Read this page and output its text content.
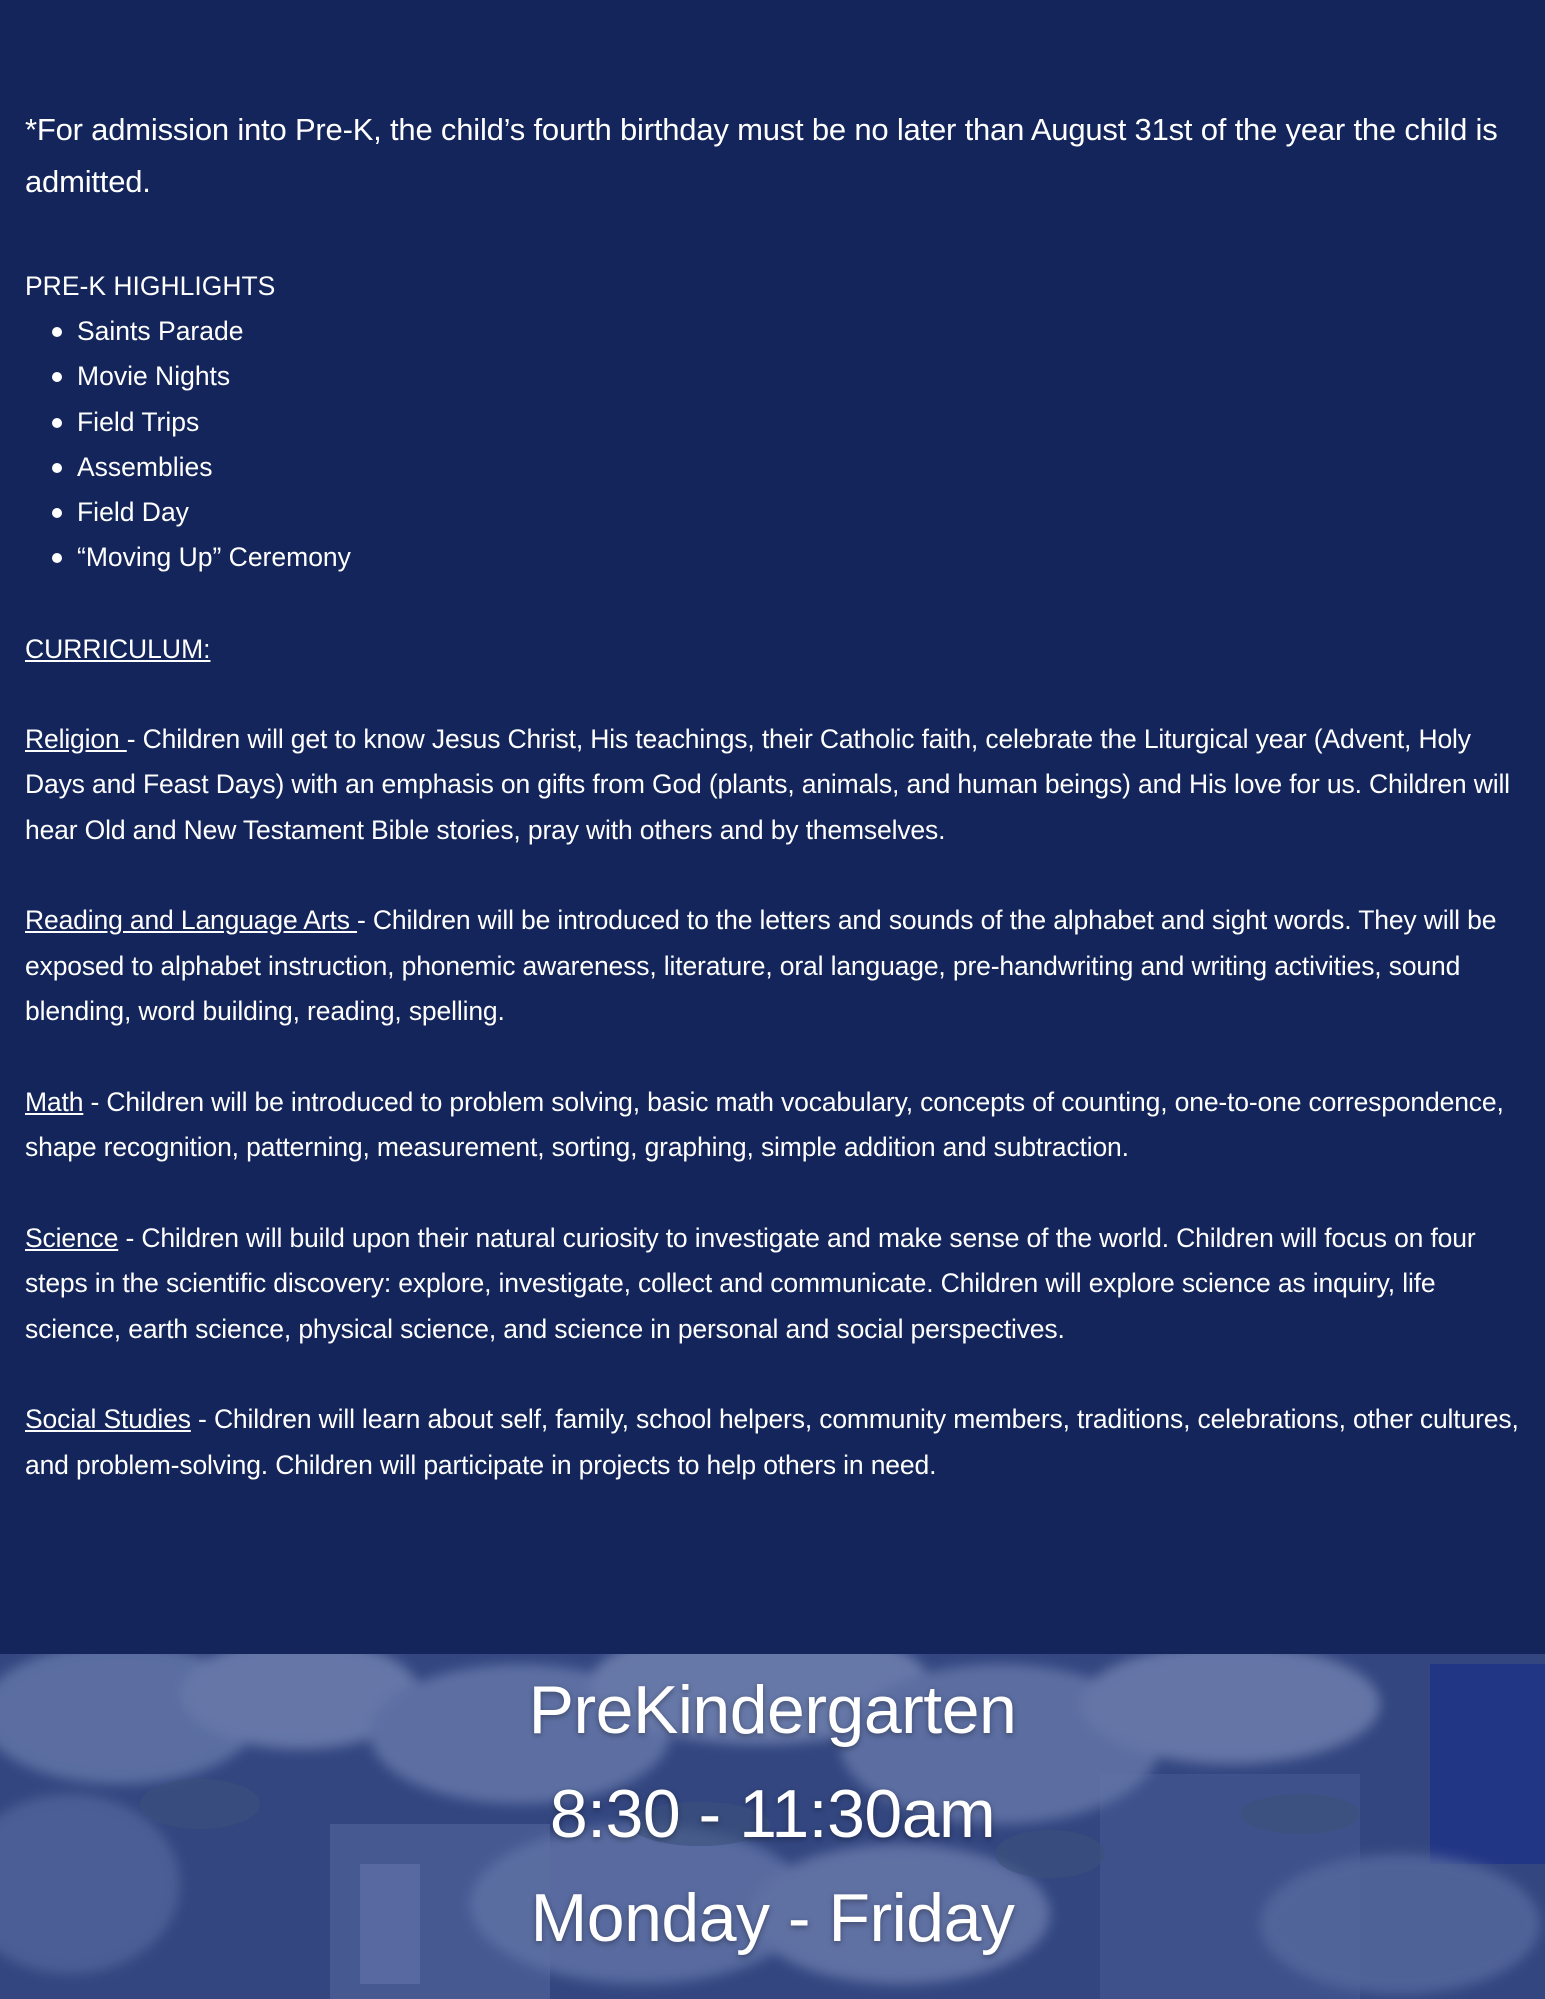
*For admission into Pre-K, the child’s fourth birthday must be no later than August 31st of the year the child is admitted.

PRE-K HIGHLIGHTS
Saints Parade
Movie Nights
Field Trips
Assemblies
Field Day
“Moving Up” Ceremony
CURRICULUM:

Religion - Children will get to know Jesus Christ, His teachings, their Catholic faith, celebrate the Liturgical year (Advent, Holy Days and Feast Days) with an emphasis on gifts from God (plants, animals, and human beings) and His love for us. Children will hear Old and New Testament Bible stories, pray with others and by themselves.

Reading and Language Arts - Children will be introduced to the letters and sounds of the alphabet and sight words. They will be exposed to alphabet instruction, phonemic awareness, literature, oral language, pre-handwriting and writing activities, sound blending, word building, reading, spelling.

Math - Children will be introduced to problem solving, basic math vocabulary, concepts of counting, one-to-one correspondence, shape recognition, patterning, measurement, sorting, graphing, simple addition and subtraction.

Science - Children will build upon their natural curiosity to investigate and make sense of the world. Children will focus on four steps in the scientific discovery: explore, investigate, collect and communicate. Children will explore science as inquiry, life science, earth science, physical science, and science in personal and social perspectives.

Social Studies - Children will learn about self, family, school helpers, community members, traditions, celebrations, other cultures, and problem-solving. Children will participate in projects to help others in need.

PreKindergarten
8:30 - 11:30am
Monday - Friday
